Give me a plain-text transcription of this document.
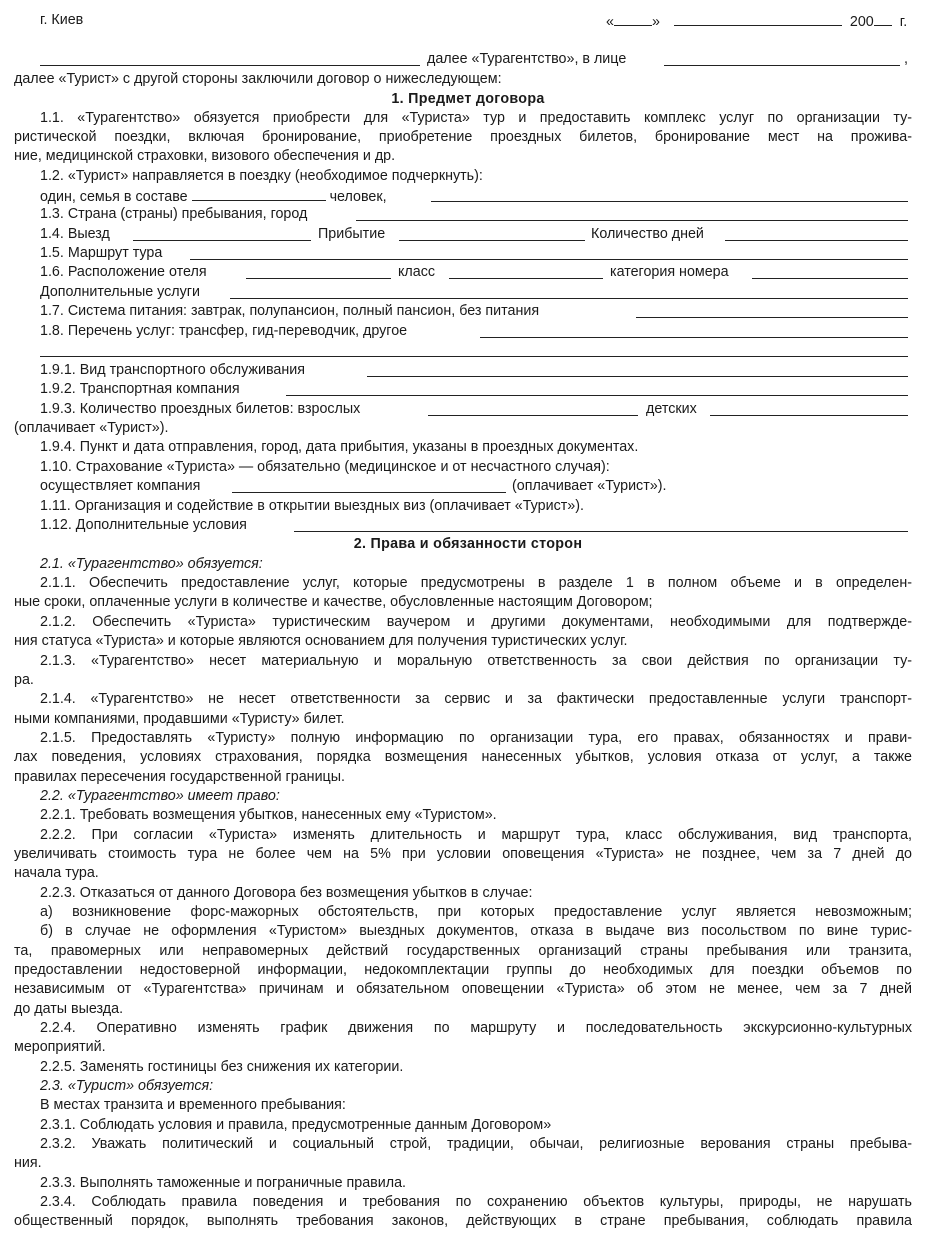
г. Киев	«	»	200 г.
далее «Турагентство», в лице	,
далее «Турист» с другой стороны заключили договор о нижеследующем:
1. Предмет договора
1.1. «Турагентство» обязуется приобрести для «Туриста» тур и предоставить комплекс услуг по организации ту-
ристической поездки, включая бронирование, приобретение проездных билетов, бронирование мест на прожива-
ние, медицинской страховки, визового обеспечения и др.
1.2. «Турист» направляется в поездку (необходимое подчеркнуть):
один, семья в составе	человек,
1.3. Страна (страны) пребывания, город
1.4. Выезд	Прибытие	Количество дней
1.5. Маршрут тура
1.6. Расположение отеля	класс	категория номера
Дополнительные услуги
1.7. Система питания: завтрак, полупансион, полный пансион, без питания
1.8. Перечень услуг: трансфер, гид-переводчик, другое
1.9.1. Вид транспортного обслуживания
1.9.2. Транспортная компания
1.9.3. Количество проездных билетов: взрослых	детских
(оплачивает «Турист»).
1.9.4. Пункт и дата отправления, город, дата прибытия, указаны в проездных документах.
1.10. Страхование «Туриста» — обязательно (медицинское и от несчастного случая):
осуществляет компания	(оплачивает «Турист»).
1.11. Организация и содействие в открытии выездных виз (оплачивает «Турист»).
1.12. Дополнительные условия
2. Права и обязанности сторон
2.1. «Турагентство» обязуется:
2.1.1. Обеспечить предоставление услуг, которые предусмотрены в разделе 1 в полном объеме и в определен-
ные сроки, оплаченные услуги в количестве и качестве, обусловленные настоящим Договором;
2.1.2. Обеспечить «Туриста» туристическим ваучером и другими документами, необходимыми для подтвержде-
ния статуса «Туриста» и которые являются основанием для получения туристических услуг.
2.1.3. «Турагентство» несет материальную и моральную ответственность за свои действия по организации ту-
ра.
2.1.4. «Турагентство» не несет ответственности за сервис и за фактически предоставленные услуги транспорт-
ными компаниями, продавшими «Туристу» билет.
2.1.5. Предоставлять «Туристу» полную информацию по организации тура, его правах, обязанностях и прави-
лах поведения, условиях страхования, порядка возмещения нанесенных убытков, условия отказа от услуг, а также
правилах пересечения государственной границы.
2.2. «Турагентство» имеет право:
2.2.1. Требовать возмещения убытков, нанесенных ему «Туристом».
2.2.2. При согласии «Туриста» изменять длительность и маршрут тура, класс обслуживания, вид транспорта,
увеличивать стоимость тура не более чем на 5% при условии оповещения «Туриста» не позднее, чем за 7 дней до
начала тура.
2.2.3. Отказаться от данного Договора без возмещения убытков в случае:
а) возникновение форс-мажорных обстоятельств, при которых предоставление услуг является невозможным;
б) в случае не оформления «Туристом» выездных документов, отказа в выдаче виз посольством по вине турис-
та, правомерных или неправомерных действий государственных организаций страны пребывания или транзита,
предоставлении недостоверной информации, недокомплектации группы до необходимых для поездки объемов по
независимым от «Турагентства» причинам и обязательном оповещении «Туриста» об этом не менее, чем за 7 дней
до даты выезда.
2.2.4. Оперативно изменять график движения по маршруту и последовательность экскурсионно-культурных
мероприятий.
2.2.5. Заменять гостиницы без снижения их категории.
2.3. «Турист» обязуется:
В местах транзита и временного пребывания:
2.3.1. Соблюдать условия и правила, предусмотренные данным Договором»
2.3.2. Уважать политический и социальный строй, традиции, обычаи, религиозные верования страны пребыва-
ния.
2.3.3. Выполнять таможенные и пограничные правила.
2.3.4. Соблюдать правила поведения и требования по сохранению объектов культуры, природы, не нарушать
общественный порядок, выполнять требования законов, действующих в стране пребывания, соблюдать правила
